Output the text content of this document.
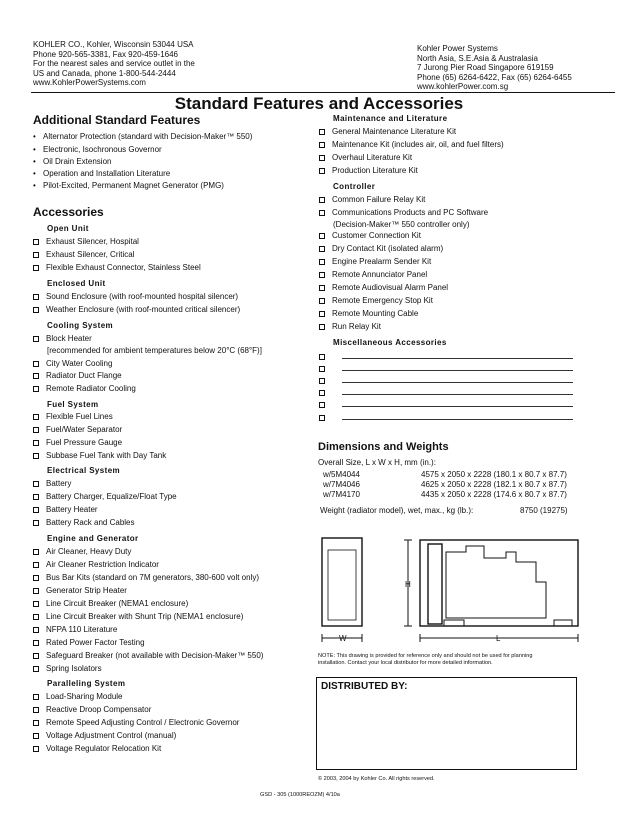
KOHLER CO., Kohler, Wisconsin 53044 USA
Phone 920-565-3381, Fax 920-459-1646
For the nearest sales and service outlet in the
US and Canada, phone 1-800-544-2444
www.KohlerPowerSystems.com
Kohler Power Systems
North Asia, S.E.Asia & Australasia
7 Jurong Pier Road Singapore 619159
Phone (65) 6264-6422, Fax (65) 6264-6455
www.kohlerPower.com.sg
Standard Features and Accessories
Additional Standard Features
• Alternator Protection (standard with Decision-Maker™ 550)
• Electronic, Isochronous Governor
• Oil Drain Extension
• Operation and Installation Literature
• Pilot-Excited, Permanent Magnet Generator (PMG)
Accessories
Open Unit
Exhaust Silencer, Hospital
Exhaust Silencer, Critical
Flexible Exhaust Connector, Stainless Steel
Enclosed Unit
Sound Enclosure (with roof-mounted hospital silencer)
Weather Enclosure (with roof-mounted critical silencer)
Cooling System
Block Heater
[recommended for ambient temperatures below 20°C (68°F)]
City Water Cooling
Radiator Duct Flange
Remote Radiator Cooling
Fuel System
Flexible Fuel Lines
Fuel/Water Separator
Fuel Pressure Gauge
Subbase Fuel Tank with Day Tank
Electrical System
Battery
Battery Charger, Equalize/Float Type
Battery Heater
Battery Rack and Cables
Engine and Generator
Air Cleaner, Heavy Duty
Air Cleaner Restriction Indicator
Bus Bar Kits (standard on 7M generators, 380-600 volt only)
Generator Strip Heater
Line Circuit Breaker (NEMA1 enclosure)
Line Circuit Breaker with Shunt Trip (NEMA1 enclosure)
NFPA 110 Literature
Rated Power Factor Testing
Safeguard Breaker (not available with Decision-Maker™ 550)
Spring Isolators
Paralleling System
Load-Sharing Module
Reactive Droop Compensator
Remote Speed Adjusting Control / Electronic Governor
Voltage Adjustment Control (manual)
Voltage Regulator Relocation Kit
Maintenance and Literature
General Maintenance Literature Kit
Maintenance Kit (includes air, oil, and fuel filters)
Overhaul Literature Kit
Production Literature Kit
Controller
Common Failure Relay Kit
Communications Products and PC Software
(Decision-Maker™ 550 controller only)
Customer Connection Kit
Dry Contact Kit (isolated alarm)
Engine Prealarm Sender Kit
Remote Annunciator Panel
Remote Audiovisual Alarm Panel
Remote Emergency Stop Kit
Remote Mounting Cable
Run Relay Kit
Miscellaneous Accessories
Dimensions and Weights
Overall Size, L x W x H, mm (in.):
w/5M4044	4575 x 2050 x 2228 (180.1 x 80.7 x 87.7)
w/7M4046	4625 x 2050 x 2228 (182.1 x 80.7 x 87.7)
w/7M4170	4435 x 2050 x 2228 (174.6 x 80.7 x 87.7)
Weight (radiator model), wet, max., kg (lb.):	8750 (19275)
H
W	L
NOTE: This drawing is provided for reference only and should not be used for planning
installation. Contact your local distributor for more detailed information.
DISTRIBUTED BY:
© 2003, 2004 by Kohler Co. All rights reserved.
GSD - 305 (1000REOZM) 4/10a
